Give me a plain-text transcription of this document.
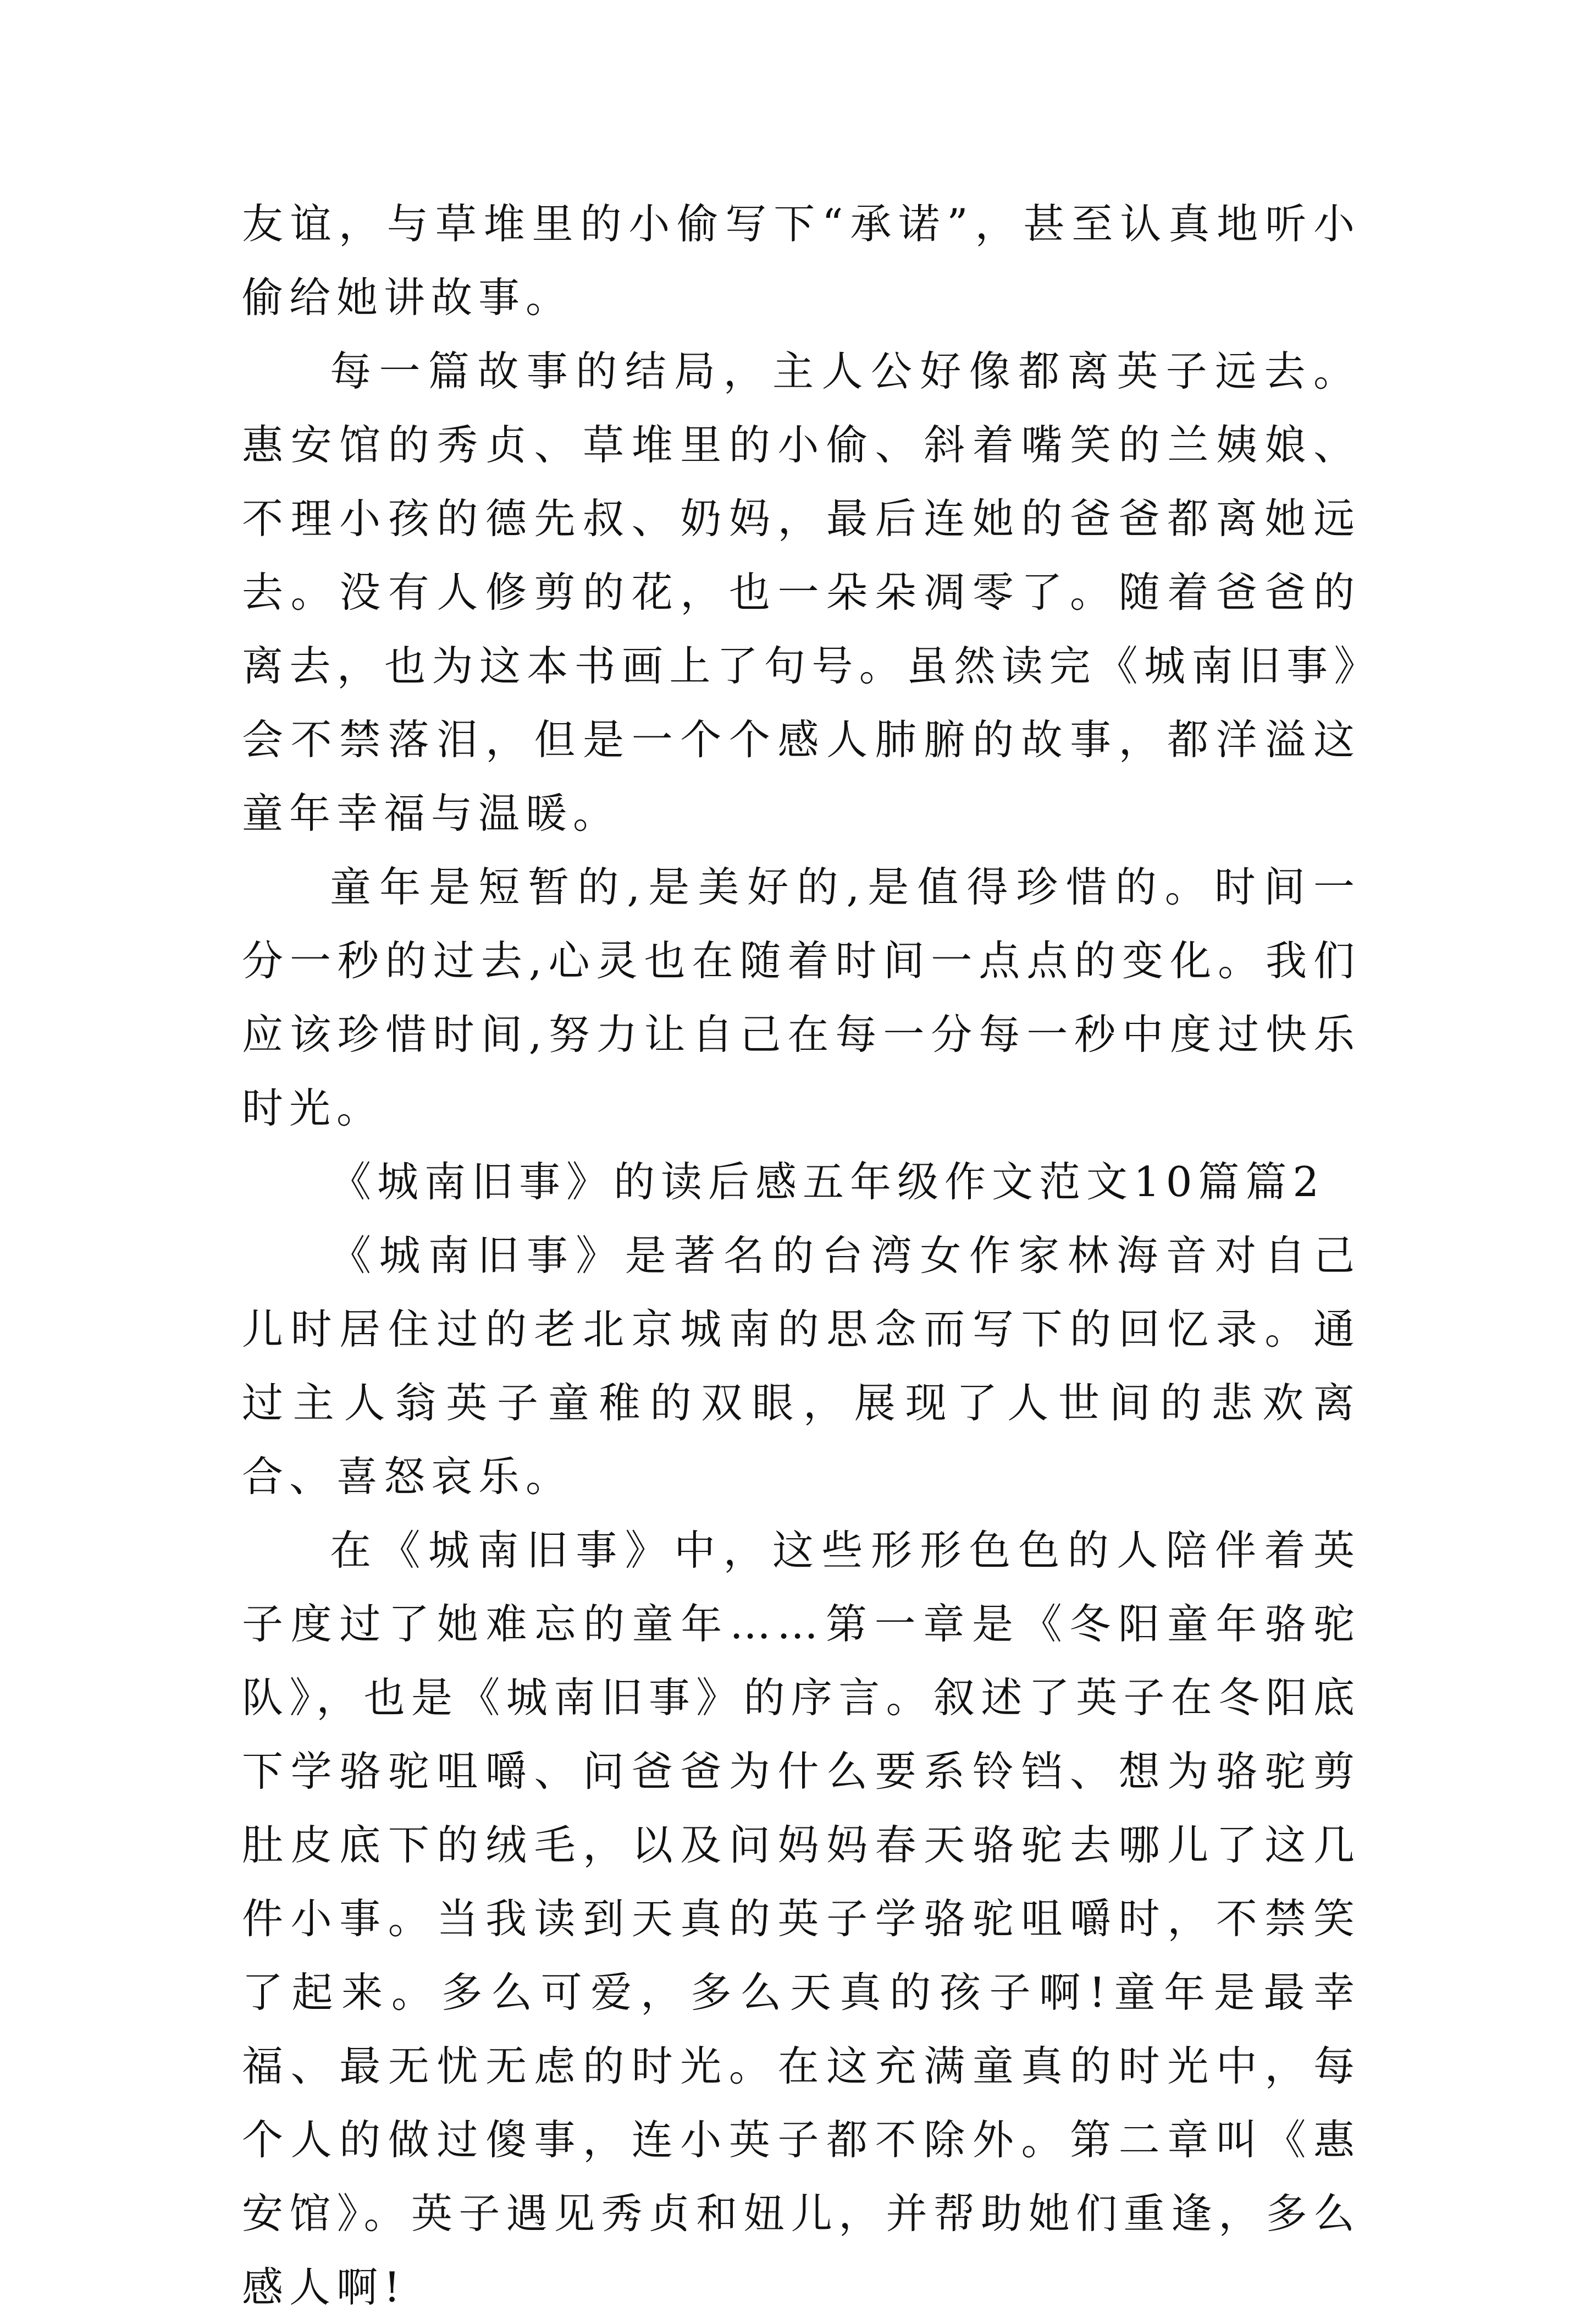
友谊，与草堆里的小偷写下“承诺”，甚至认真地听小偷给她讲故事。

每一篇故事的结局，主人公好像都离英子远去。惠安馆的秀贞、草堆里的小偷、斜着嘴笑的兰姨娘、不理小孩的德先叔、奶妈，最后连她的爸爸都离她远去。没有人修剪的花，也一朵朵凋零了。随着爸爸的离去，也为这本书画上了句号。虽然读完《城南旧事》会不禁落泪，但是一个个感人肺腑的故事，都洋溢这童年幸福与温暖。

童年是短暂的,是美好的,是值得珍惜的。时间一分一秒的过去,心灵也在随着时间一点点的变化。我们应该珍惜时间,努力让自己在每一分每一秒中度过快乐时光。

《城南旧事》的读后感五年级作文范文10篇篇2

《城南旧事》是著名的台湾女作家林海音对自己儿时居住过的老北京城南的思念而写下的回忆录。通过主人翁英子童稚的双眼，展现了人世间的悲欢离合、喜怒哀乐。

在《城南旧事》中，这些形形色色的人陪伴着英子度过了她难忘的童年……第一章是《冬阳童年骆驼队》，也是《城南旧事》的序言。叙述了英子在冬阳底下学骆驼咀嚼、问爸爸为什么要系铃铛、想为骆驼剪肚皮底下的绒毛，以及问妈妈春天骆驼去哪儿了这几件小事。当我读到天真的英子学骆驼咀嚼时，不禁笑了起来。多么可爱，多么天真的孩子啊!童年是最幸福、最无忧无虑的时光。在这充满童真的时光中，每个人的做过傻事，连小英子都不除外。第二章叫《惠安馆》。英子遇见秀贞和妞儿，并帮助她们重逢，多么感人啊!
